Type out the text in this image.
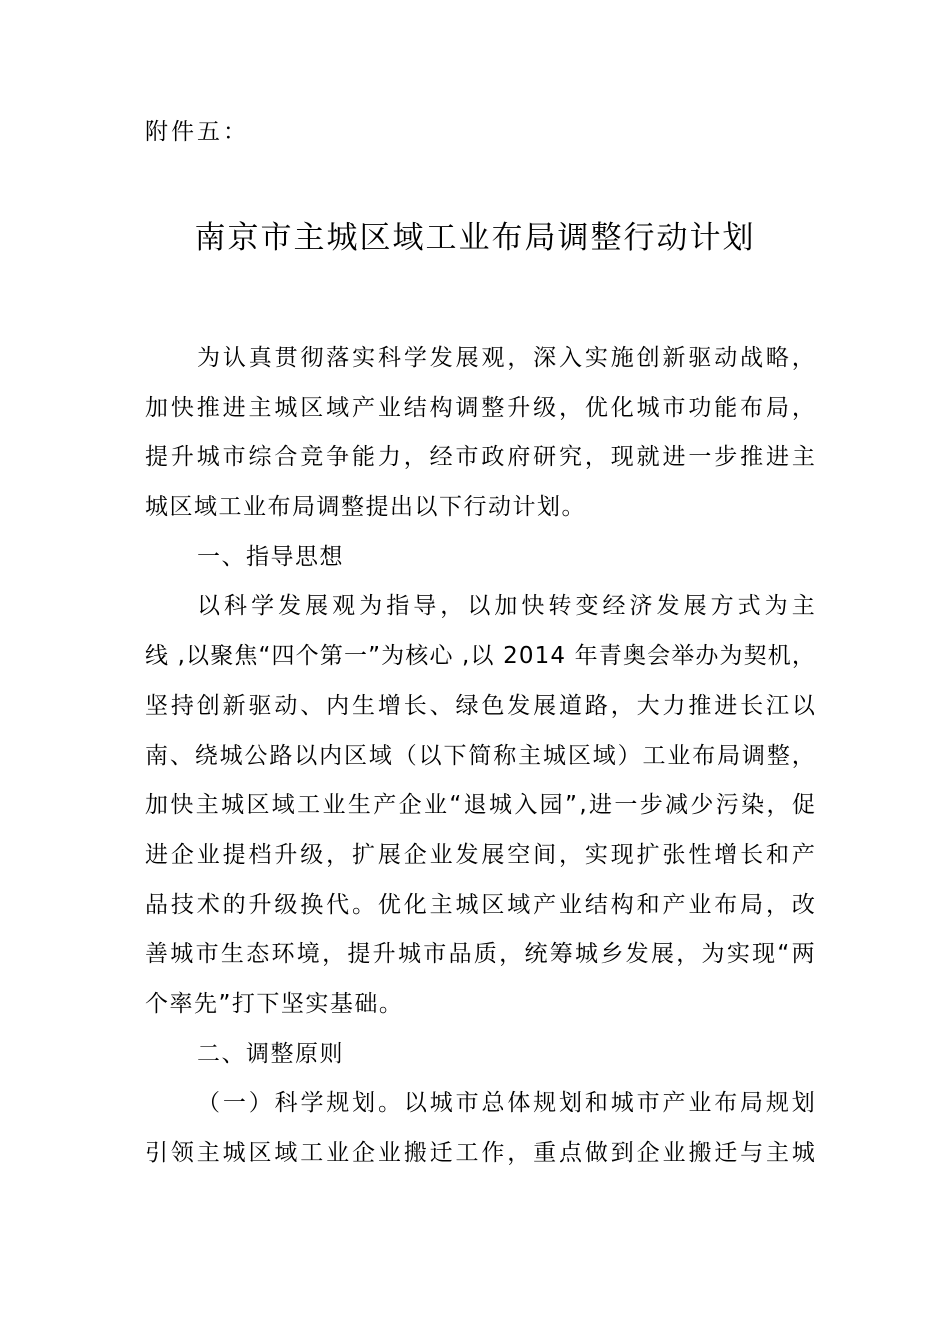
附件五：
南京市主城区域工业布局调整行动计划
为 认 真 贯 彻 落 实 科 学 发 展 观 ， 深 入 实 施 创 新 驱 动 战 略 ，
加 快 推 进 主 城 区 域 产 业 结 构 调 整 升 级 ， 优 化 城 市 功 能 布 局 ，
提 升 城 市 综 合 竞 争 能 力 ， 经 市 政 府 研 究 ， 现 就 进 一 步 推 进 主
城区域工业布局调整提出以下行动计划。
一、指导思想
以 科 学 发 展 观 为 指 导 ， 以 加 快 转 变 经 济 发 展 方 式 为 主
线
, 以 聚 焦 “ 四 个 第 一 ” 为 核 心
, 以
2 0 1 4
年 青 奥 会 举 办 为 契 机 ，
坚 持 创 新 驱 动 、 内 生 增 长 、 绿 色 发 展 道 路 ， 大 力 推 进 长 江 以
南 、 绕 城 公 路 以 内 区 域 （ 以 下 简 称 主 城 区 域 ） 工 业 布 局 调 整 ，
加 快 主 城 区 域 工 业 生 产 企 业 “ 退 城 入 园 ” , 进 一 步 减 少 污 染 ， 促
进 企 业 提 档 升 级 ， 扩 展 企 业 发 展 空 间 ， 实 现 扩 张 性 增 长 和 产
品 技 术 的 升 级 换 代 。 优 化 主 城 区 域 产 业 结 构 和 产 业 布 局 ， 改
善 城 市 生 态 环 境 ， 提 升 城 市 品 质 ， 统 筹 城 乡 发 展 ， 为 实 现 “ 两
个率先”打下坚实基础。
二、调整原则
（ 一 ） 科 学 规 划 。 以 城 市 总 体 规 划 和 城 市 产 业 布 局 规 划
引 领 主 城 区 域 工 业 企 业 搬 迁 工 作 ， 重 点 做 到 企 业 搬 迁 与 主 城
